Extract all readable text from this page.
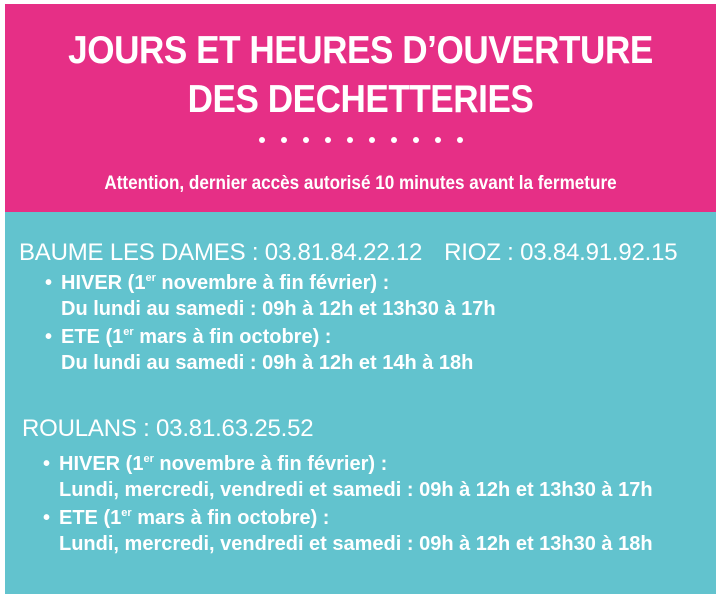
JOURS ET HEURES D’OUVERTURE
DES DECHETTERIES
Attention, dernier accès autorisé 10 minutes avant la fermeture
BAUME LES DAMES : 03.81.84.22.12 RIOZ : 03.84.91.92.15
• HIVER (1er novembre à fin février) :
Du lundi au samedi : 09h à 12h et 13h30 à 17h
• ETE (1er mars à fin octobre) :
Du lundi au samedi : 09h à 12h et 14h à 18h
ROULANS : 03.81.63.25.52
• HIVER (1er novembre à fin février) :
Lundi, mercredi, vendredi et samedi : 09h à 12h et 13h30 à 17h
• ETE (1er mars à fin octobre) :
Lundi, mercredi, vendredi et samedi : 09h à 12h et 13h30 à 18h
